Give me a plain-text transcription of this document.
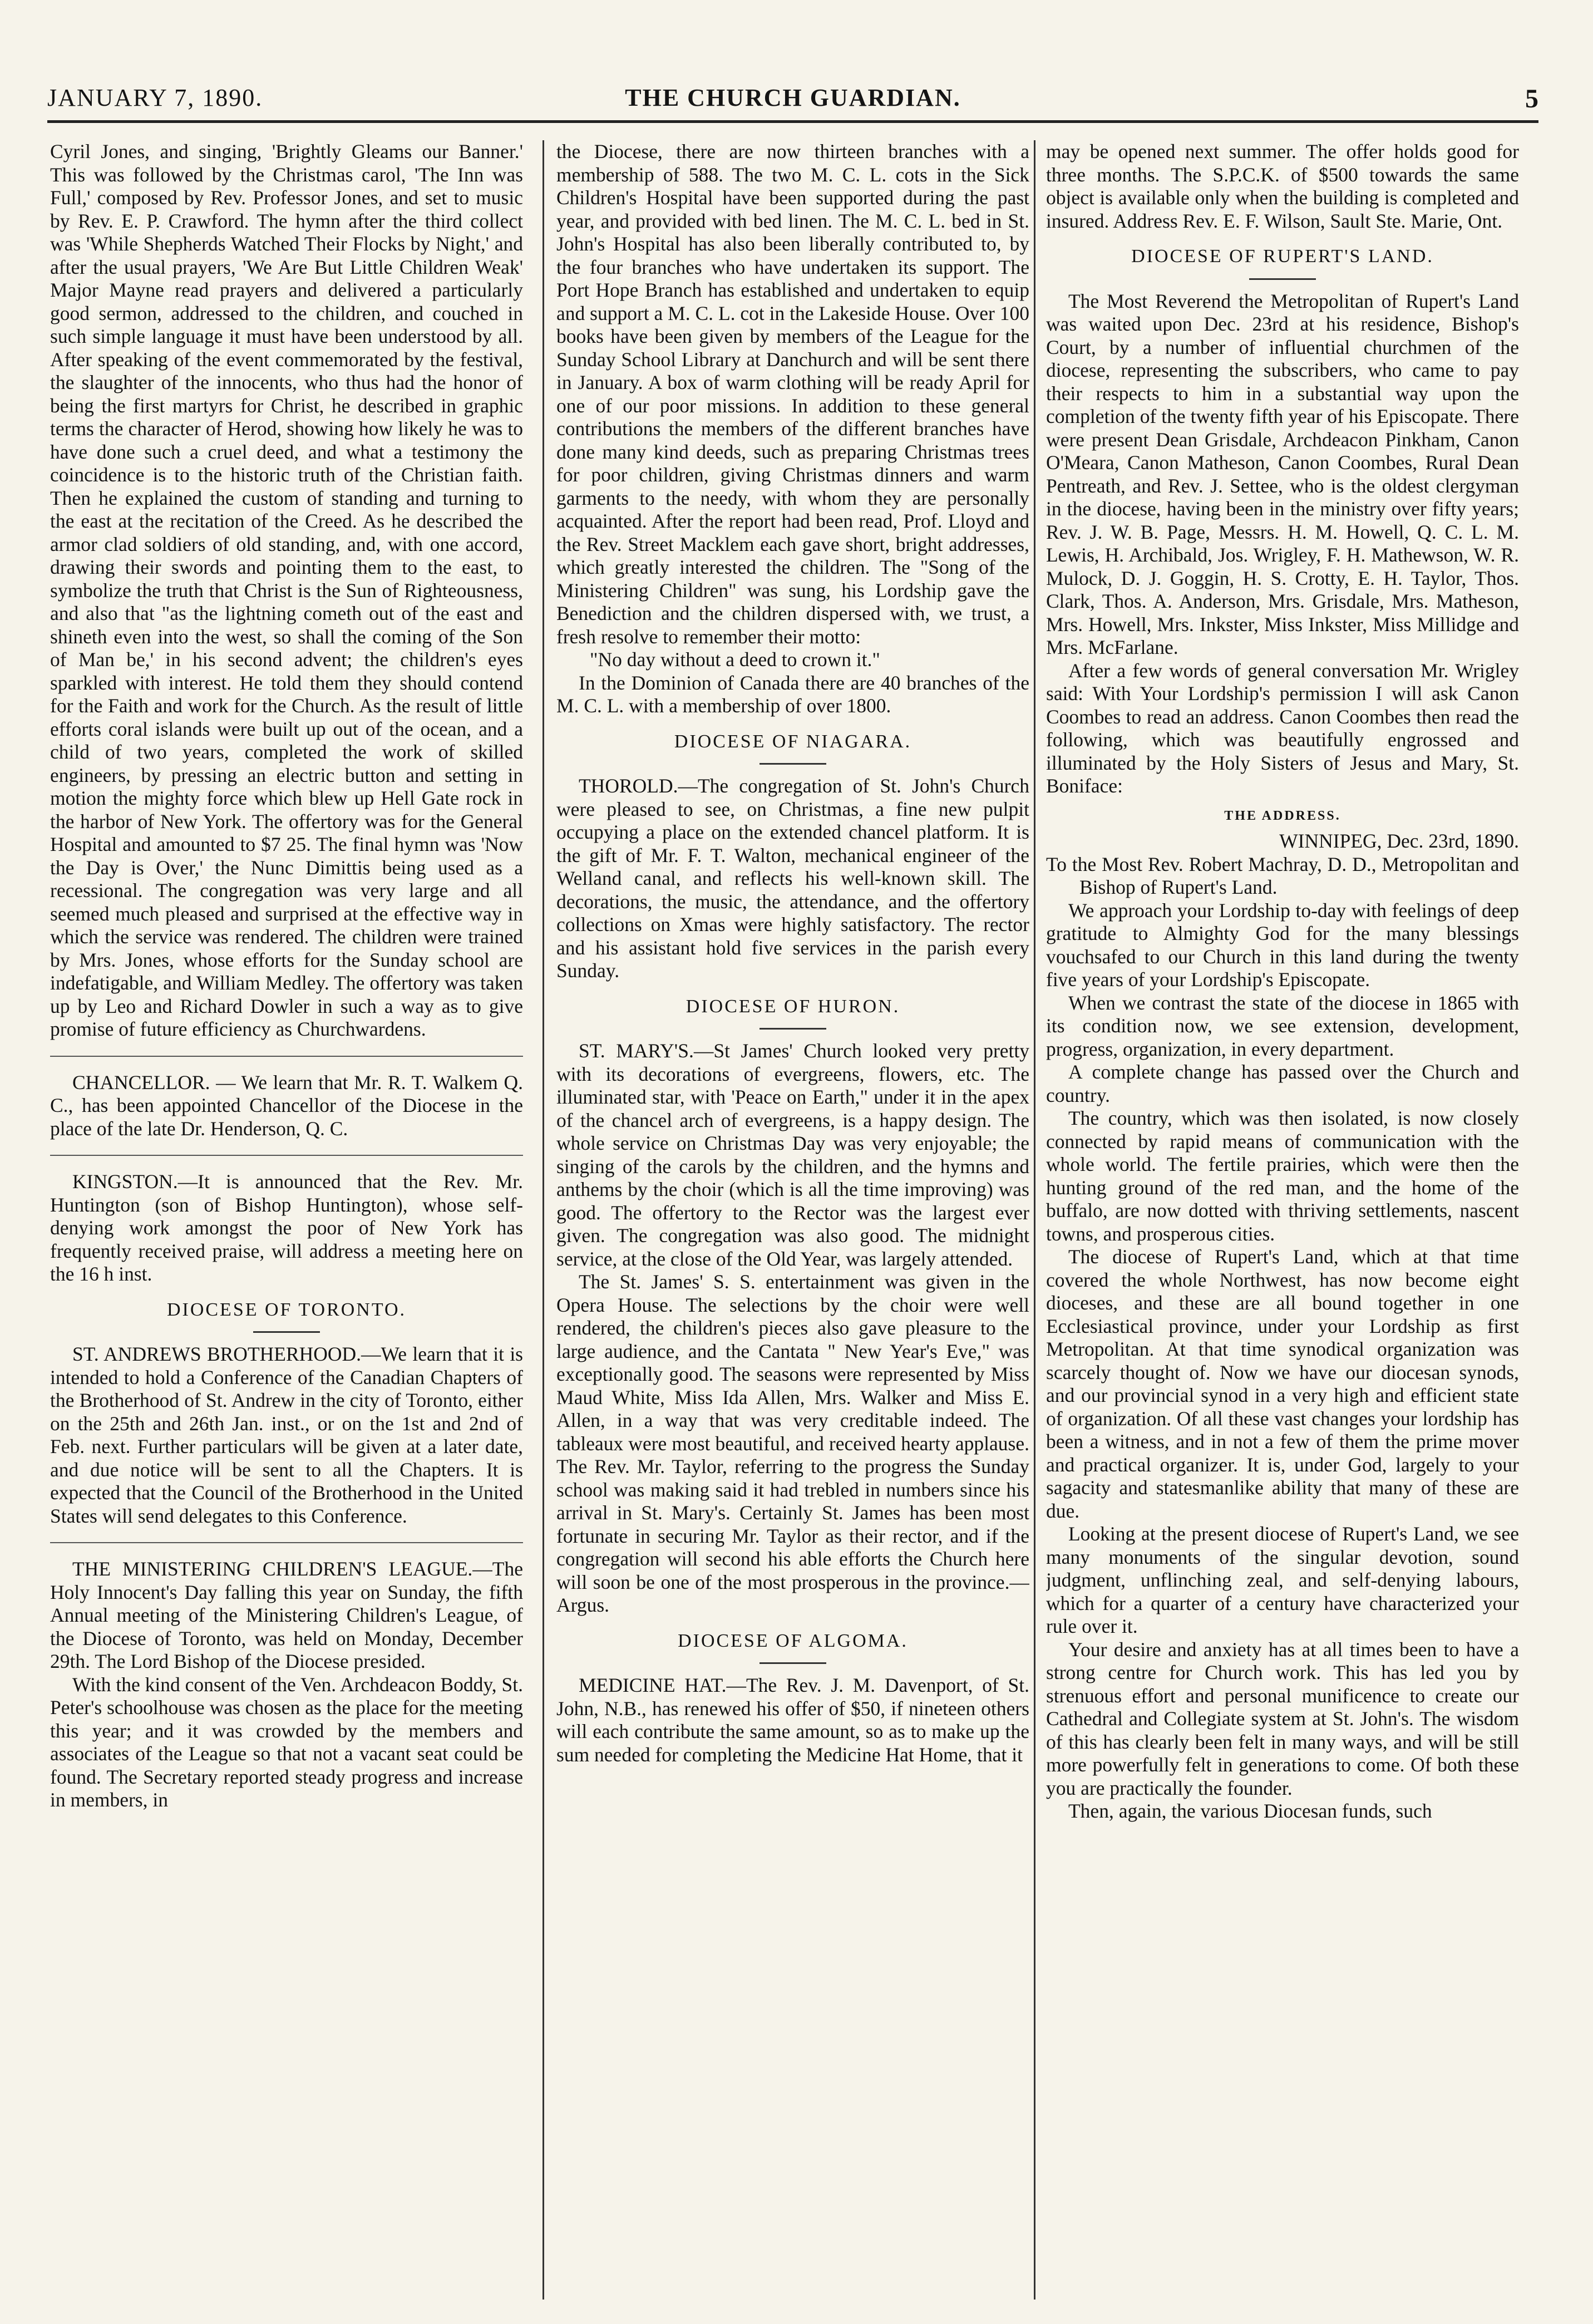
JANUARY 7, 1890.	THE CHURCH GUARDIAN.	5

Cyril Jones, and singing, 'Brightly Gleams our Banner.' This was followed by the Christmas carol, 'The Inn was Full,' composed by Rev. Professor Jones, and set to music by Rev. E. P. Crawford. The hymn after the third collect was 'While Shepherds Watched Their Flocks by Night,' and after the usual prayers, 'We Are But Little Children Weak' Major Mayne read prayers and delivered a particularly good sermon, addressed to the children, and couched in such simple language it must have been understood by all. After speaking of the event commemorated by the festival, the slaughter of the innocents, who thus had the honor of being the first martyrs for Christ, he described in graphic terms the character of Herod, showing how likely he was to have done such a cruel deed, and what a testimony the coincidence is to the historic truth of the Christian faith. Then he explained the custom of standing and turning to the east at the recitation of the Creed. As he described the armor clad soldiers of old standing, and, with one accord, drawing their swords and pointing them to the east, to symbolize the truth that Christ is the Sun of Righteousness, and also that "as the lightning cometh out of the east and shineth even into the west, so shall the coming of the Son of Man be,' in his second advent; the children's eyes sparkled with interest. He told them they should contend for the Faith and work for the Church. As the result of little efforts coral islands were built up out of the ocean, and a child of two years, completed the work of skilled engineers, by pressing an electric button and setting in motion the mighty force which blew up Hell Gate rock in the harbor of New York. The offertory was for the General Hospital and amounted to $7 25. The final hymn was 'Now the Day is Over,' the Nunc Dimittis being used as a recessional. The congregation was very large and all seemed much pleased and surprised at the effective way in which the service was rendered. The children were trained by Mrs. Jones, whose efforts for the Sunday school are indefatigable, and William Medley. The offertory was taken up by Leo and Richard Dowler in such a way as to give promise of future efficiency as Churchwardens.

CHANCELLOR. — We learn that Mr. R. T. Walkem Q. C., has been appointed Chancellor of the Diocese in the place of the late Dr. Henderson, Q. C.

KINGSTON.—It is announced that the Rev. Mr. Huntington (son of Bishop Huntington), whose self-denying work amongst the poor of New York has frequently received praise, will address a meeting here on the 16 h inst.

DIOCESE OF TORONTO.

ST. ANDREWS BROTHERHOOD.—We learn that it is intended to hold a Conference of the Canadian Chapters of the Brotherhood of St. Andrew in the city of Toronto, either on the 25th and 26th Jan. inst., or on the 1st and 2nd of Feb. next. Further particulars will be given at a later date, and due notice will be sent to all the Chapters. It is expected that the Council of the Brotherhood in the United States will send delegates to this Conference.

THE MINISTERING CHILDREN'S LEAGUE.—The Holy Innocent's Day falling this year on Sunday, the fifth Annual meeting of the Ministering Children's League, of the Diocese of Toronto, was held on Monday, December 29th. The Lord Bishop of the Diocese presided.

With the kind consent of the Ven. Archdeacon Boddy, St. Peter's schoolhouse was chosen as the place for the meeting this year; and it was crowded by the members and associates of the League so that not a vacant seat could be found. The Secretary reported steady progress and increase in members, in

the Diocese, there are now thirteen branches with a membership of 588. The two M. C. L. cots in the Sick Children's Hospital have been supported during the past year, and provided with bed linen. The M. C. L. bed in St. John's Hospital has also been liberally contributed to, by the four branches who have undertaken its support. The Port Hope Branch has established and undertaken to equip and support a M. C. L. cot in the Lakeside House. Over 100 books have been given by members of the League for the Sunday School Library at Danchurch and will be sent there in January. A box of warm clothing will be ready April for one of our poor missions. In addition to these general contributions the members of the different branches have done many kind deeds, such as preparing Christmas trees for poor children, giving Christmas dinners and warm garments to the needy, with whom they are personally acquainted. After the report had been read, Prof. Lloyd and the Rev. Street Macklem each gave short, bright addresses, which greatly interested the children. The "Song of the Ministering Children" was sung, his Lordship gave the Benediction and the children dispersed with, we trust, a fresh resolve to remember their motto:

"No day without a deed to crown it."

In the Dominion of Canada there are 40 branches of the M. C. L. with a membership of over 1800.

DIOCESE OF NIAGARA.

THOROLD.—The congregation of St. John's Church were pleased to see, on Christmas, a fine new pulpit occupying a place on the extended chancel platform. It is the gift of Mr. F. T. Walton, mechanical engineer of the Welland canal, and reflects his well-known skill. The decorations, the music, the attendance, and the offertory collections on Xmas were highly satisfactory. The rector and his assistant hold five services in the parish every Sunday.

DIOCESE OF HURON.

ST. MARY'S.—St James' Church looked very pretty with its decorations of evergreens, flowers, etc. The illuminated star, with 'Peace on Earth," under it in the apex of the chancel arch of evergreens, is a happy design. The whole service on Christmas Day was very enjoyable; the singing of the carols by the children, and the hymns and anthems by the choir (which is all the time improving) was good. The offertory to the Rector was the largest ever given. The congregation was also good. The midnight service, at the close of the Old Year, was largely attended.

The St. James' S. S. entertainment was given in the Opera House. The selections by the choir were well rendered, the children's pieces also gave pleasure to the large audience, and the Cantata " New Year's Eve," was exceptionally good. The seasons were represented by Miss Maud White, Miss Ida Allen, Mrs. Walker and Miss E. Allen, in a way that was very creditable indeed. The tableaux were most beautiful, and received hearty applause. The Rev. Mr. Taylor, referring to the progress the Sunday school was making said it had trebled in numbers since his arrival in St. Mary's. Certainly St. James has been most fortunate in securing Mr. Taylor as their rector, and if the congregation will second his able efforts the Church here will soon be one of the most prosperous in the province.—Argus.

DIOCESE OF ALGOMA.

MEDICINE HAT.—The Rev. J. M. Davenport, of St. John, N.B., has renewed his offer of $50, if nineteen others will each contribute the same amount, so as to make up the sum needed for completing the Medicine Hat Home, that it

may be opened next summer. The offer holds good for three months. The S.P.C.K. of $500 towards the same object is available only when the building is completed and insured. Address Rev. E. F. Wilson, Sault Ste. Marie, Ont.

DIOCESE OF RUPERT'S LAND.

The Most Reverend the Metropolitan of Rupert's Land was waited upon Dec. 23rd at his residence, Bishop's Court, by a number of influential churchmen of the diocese, representing the subscribers, who came to pay their respects to him in a substantial way upon the completion of the twenty fifth year of his Episcopate. There were present Dean Grisdale, Archdeacon Pinkham, Canon O'Meara, Canon Matheson, Canon Coombes, Rural Dean Pentreath, and Rev. J. Settee, who is the oldest clergyman in the diocese, having been in the ministry over fifty years; Rev. J. W. B. Page, Messrs. H. M. Howell, Q. C. L. M. Lewis, H. Archibald, Jos. Wrigley, F. H. Mathewson, W. R. Mulock, D. J. Goggin, H. S. Crotty, E. H. Taylor, Thos. Clark, Thos. A. Anderson, Mrs. Grisdale, Mrs. Matheson, Mrs. Howell, Mrs. Inkster, Miss Inkster, Miss Millidge and Mrs. McFarlane.

After a few words of general conversation Mr. Wrigley said: With Your Lordship's permission I will ask Canon Coombes to read an address. Canon Coombes then read the following, which was beautifully engrossed and illuminated by the Holy Sisters of Jesus and Mary, St. Boniface:

THE ADDRESS.

WINNIPEG, Dec. 23rd, 1890.

To the Most Rev. Robert Machray, D. D., Metropolitan and Bishop of Rupert's Land.

We approach your Lordship to-day with feelings of deep gratitude to Almighty God for the many blessings vouchsafed to our Church in this land during the twenty five years of your Lordship's Episcopate.

When we contrast the state of the diocese in 1865 with its condition now, we see extension, development, progress, organization, in every department.

A complete change has passed over the Church and country.

The country, which was then isolated, is now closely connected by rapid means of communication with the whole world. The fertile prairies, which were then the hunting ground of the red man, and the home of the buffalo, are now dotted with thriving settlements, nascent towns, and prosperous cities.

The diocese of Rupert's Land, which at that time covered the whole Northwest, has now become eight dioceses, and these are all bound together in one Ecclesiastical province, under your Lordship as first Metropolitan. At that time synodical organization was scarcely thought of. Now we have our diocesan synods, and our provincial synod in a very high and efficient state of organization. Of all these vast changes your lordship has been a witness, and in not a few of them the prime mover and practical organizer. It is, under God, largely to your sagacity and statesmanlike ability that many of these are due.

Looking at the present diocese of Rupert's Land, we see many monuments of the singular devotion, sound judgment, unflinching zeal, and self-denying labours, which for a quarter of a century have characterized your rule over it.

Your desire and anxiety has at all times been to have a strong centre for Church work. This has led you by strenuous effort and personal munificence to create our Cathedral and Collegiate system at St. John's. The wisdom of this has clearly been felt in many ways, and will be still more powerfully felt in generations to come. Of both these you are practically the founder.

Then, again, the various Diocesan funds, such
